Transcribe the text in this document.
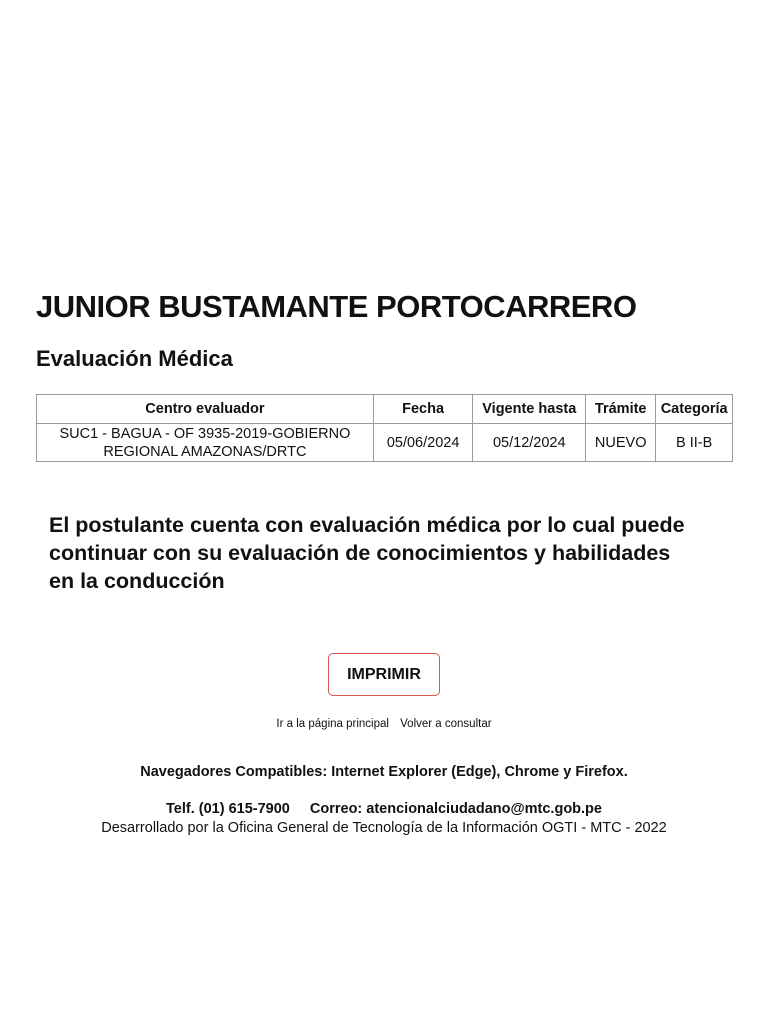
JUNIOR BUSTAMANTE PORTOCARRERO
Evaluación Médica
Centro evaluador	Fecha	Vigente hasta	Trámite	Categoría
SUC1 - BAGUA - OF 3935-2019-GOBIERNO
REGIONAL AMAZONAS/DRTC	05/06/2024	05/12/2024	NUEVO	B II-B

El postulante cuenta con evaluación médica por lo cual puede continuar con su evaluación de conocimientos y habilidades en la conducción

IMPRIMIR
Ir a la página principal Volver a consultar

Navegadores Compatibles: Internet Explorer (Edge), Chrome y Firefox.

Telf. (01) 615-7900 Correo: atencionalciudadano@mtc.gob.pe

Desarrollado por la Oficina General de Tecnología de la Información OGTI - MTC - 2022
